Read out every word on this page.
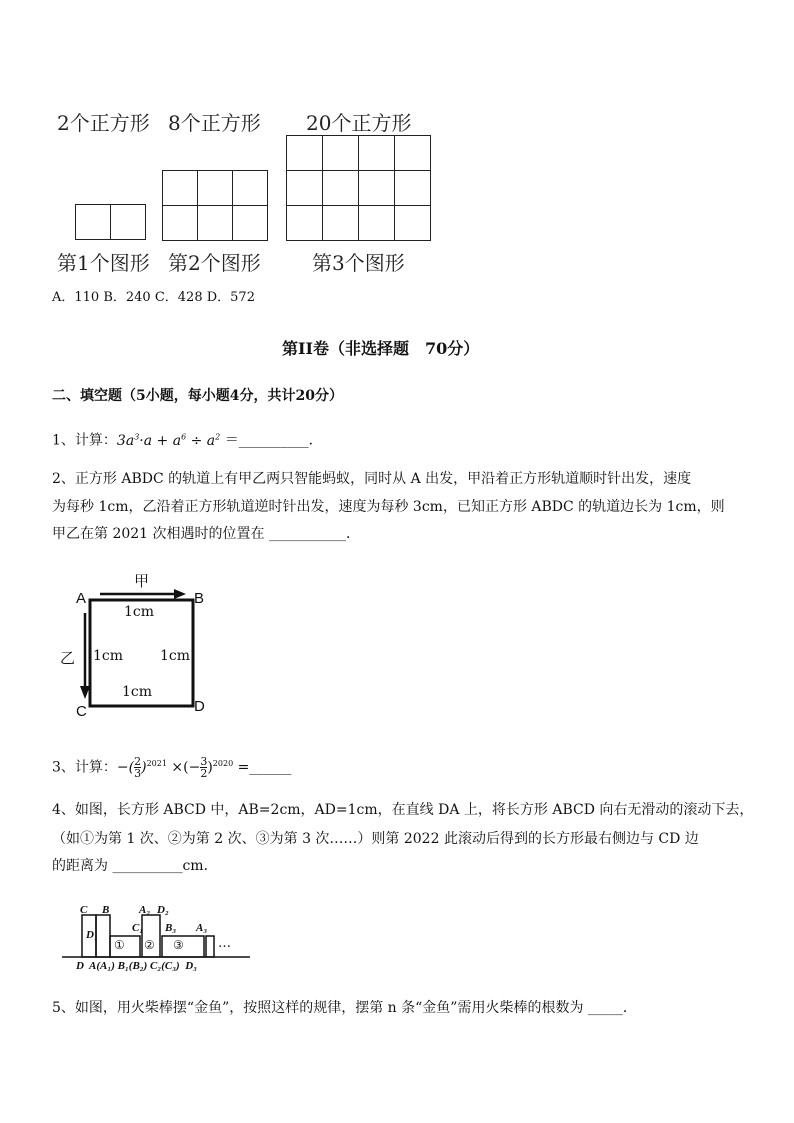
2个正方形 8个正方形 20个正方形
第1个图形 第2个图形	第3个图形
A．110 B．240 C．428 D．572
第II卷（非选择题　70分）
二、填空题（5小题，每小题4分，共计20分）
1、计算：$3a^3\cdot a + a^6 \div a^2$ ＝__________．
2、正方形 ABDC 的轨道上有甲乙两只智能蚂蚁，同时从 A 出发，甲沿着正方形轨道顺时针出发，速度
为每秒 1cm，乙沿着正方形轨道逆时针出发，速度为每秒 3cm，已知正方形 ABDC 的轨道边长为 1cm，则
甲乙在第 2021 次相遇时的位置在 ___________．
甲
A	B
乙
C	D
1cm
1cm	1cm
1cm
3、计算：−( $\frac{2}{3} )^{2021}$ ×(− $\frac{3}{2} )^{2020}$ =______
4、如图，长方形 ABCD 中，AB=2cm，AD=1cm，在直线 DA 上，将长方形 ABCD 向右无滑动的滚动下去，
（如①为第 1 次、②为第 2 次、③为第 3 次……）则第 2022 此滚动后得到的长方形最右侧边与 CD 边
的距离为 __________cm．
C B	A₂ D₂
D₁
C₁ B₃ A₃
① ② ③	…
D  A(A₁) B₁(B₂) C₂(C₃)  D₃
5、如图，用火柴棒摆“金鱼”，按照这样的规律，摆第 n 条“金鱼”需用火柴棒的根数为 _____．
